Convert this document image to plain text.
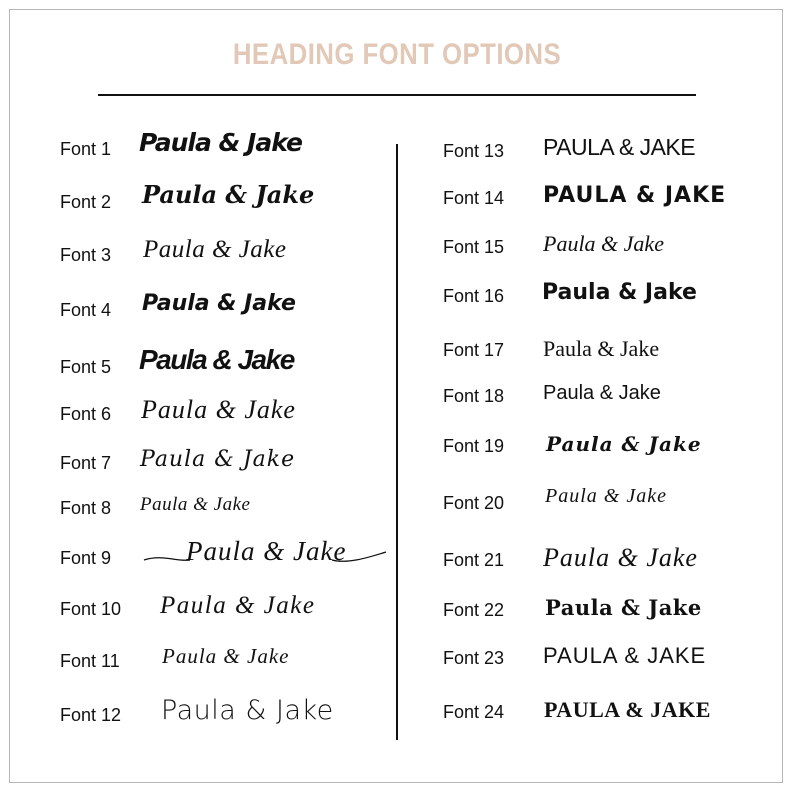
HEADING FONT OPTIONS
Font 1 Paula & Jake
Font 2 Paula & Jake
Font 3 Paula & Jake
Font 4 Paula & Jake
Font 5 Paula & Jake
Font 6 Paula & Jake
Font 7 Paula & Jake
Font 8 Paula & Jake
Font 9	Paula & Jake
Font 10 Paula & Jake
Font 11 Paula & Jake
Font 12 Paula & Jake
Font 13 PAULA & JAKE
Font 14 PAULA & JAKE
Font 15 Paula & Jake
Font 16 Paula & Jake
Font 17 Paula & Jake
Font 18 Paula & Jake
Font 19 Paula & Jake
Font 20 Paula & Jake
Font 21 Paula & Jake
Font 22 Paula & Jake
Font 23 PAULA & JAKE
Font 24 PAULA & JAKE
